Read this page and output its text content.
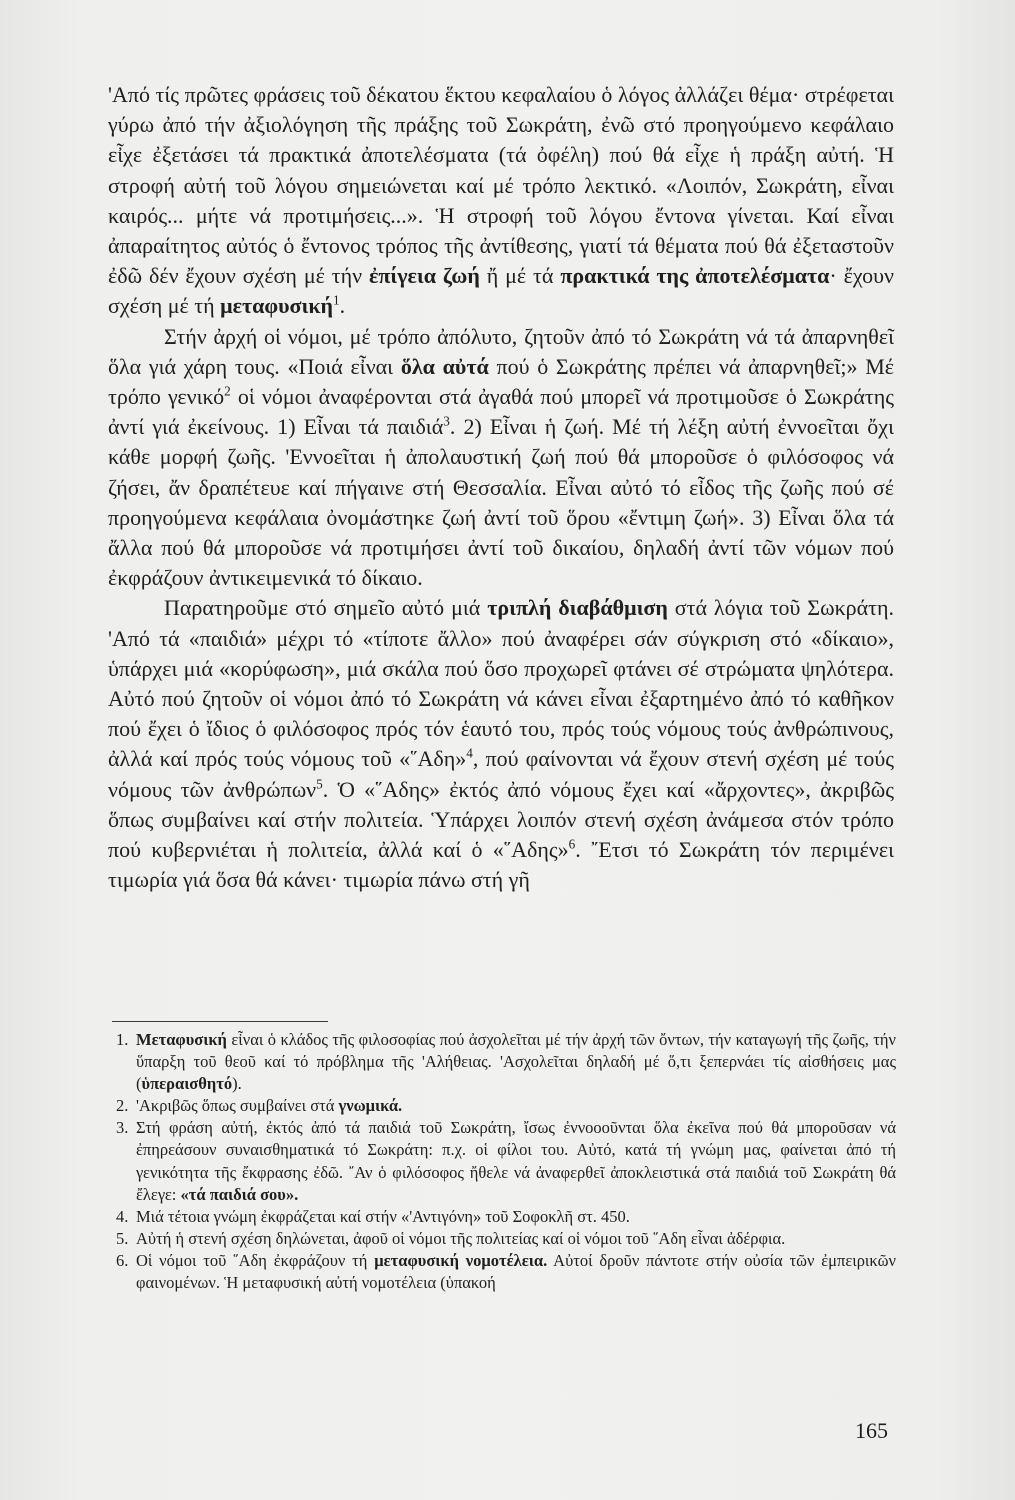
'Από τίς πρῶτες φράσεις τοῦ δέκατου ἕκτου κεφαλαίου ὁ λόγος ἀλλάζει θέμα· στρέφεται γύρω ἀπό τήν ἀξιολόγηση τῆς πράξης τοῦ Σωκράτη, ἐνῶ στό προηγούμενο κεφάλαιο εἶχε ἐξετάσει τά πρακτικά ἀποτελέσματα (τά ὀφέλη) πού θά εἶχε ἡ πράξη αὐτή. Ἡ στροφή αὐτή τοῦ λόγου σημειώνεται καί μέ τρόπο λεκτικό. «Λοιπόν, Σωκράτη, εἶναι καιρός... μήτε νά προτιμήσεις...». Ἡ στροφή τοῦ λόγου ἔντονα γίνεται. Καί εἶναι ἀπαραίτητος αὐτός ὁ ἔντονος τρόπος τῆς ἀντίθεσης, γιατί τά θέματα πού θά ἐξεταστοῦν ἐδῶ δέν ἔχουν σχέση μέ τήν ἐπίγεια ζωή ἤ μέ τά πρακτικά της ἀποτελέσματα· ἔχουν σχέση μέ τή μεταφυσική$^1$.

Στήν ἀρχή οἱ νόμοι, μέ τρόπο ἀπόλυτο, ζητοῦν ἀπό τό Σωκράτη νά τά ἀπαρνηθεῖ ὅλα γιά χάρη τους. «Ποιά εἶναι ὅλα αὐτά πού ὁ Σωκράτης πρέπει νά ἀπαρνηθεῖ;» Μέ τρόπο γενικό$^2$ οἱ νόμοι ἀναφέρονται στά ἀγαθά πού μπορεῖ νά προτιμοῦσε ὁ Σωκράτης ἀντί γιά ἐκείνους. 1) Εἶναι τά παιδιά$^3$. 2) Εἶναι ἡ ζωή. Μέ τή λέξη αὐτή ἐννοεῖται ὄχι κάθε μορφή ζωῆς. 'Εννοεῖται ἡ ἀπολαυστική ζωή πού θά μποροῦσε ὁ φιλόσοφος νά ζήσει, ἄν δραπέτευε καί πήγαινε στή Θεσσαλία. Εἶναι αὐτό τό εἶδος τῆς ζωῆς πού σέ προηγούμενα κεφάλαια ὀνομάστηκε ζωή ἀντί τοῦ ὅρου «ἔντιμη ζωή». 3) Εἶναι ὅλα τά ἄλλα πού θά μποροῦσε νά προτιμήσει ἀντί τοῦ δικαίου, δηλαδή ἀντί τῶν νόμων πού ἐκφράζουν ἀντικειμενικά τό δίκαιο.

Παρατηροῦμε στό σημεῖο αὐτό μιά τριπλή διαβάθμιση στά λόγια τοῦ Σωκράτη. 'Από τά «παιδιά» μέχρι τό «τίποτε ἄλλο» πού ἀναφέρει σάν σύγκριση στό «δίκαιο», ὑπάρχει μιά «κορύφωση», μιά σκάλα πού ὅσο προχωρεῖ φτάνει σέ στρώματα ψηλότερα. Αὐτό πού ζητοῦν οἱ νόμοι ἀπό τό Σωκράτη νά κάνει εἶναι ἐξαρτημένο ἀπό τό καθῆκον πού ἔχει ὁ ἴδιος ὁ φιλόσοφος πρός τόν ἑαυτό του, πρός τούς νόμους τούς ἀνθρώπινους, ἀλλά καί πρός τούς νόμους τοῦ «῞Αδη»$^4$, πού φαίνονται νά ἔχουν στενή σχέση μέ τούς νόμους τῶν ἀνθρώπων$^5$. Ὁ «῞Αδης» ἐκτός ἀπό νόμους ἔχει καί «ἄρχοντες», ἀκριβῶς ὅπως συμβαίνει καί στήν πολιτεία. Ὑπάρχει λοιπόν στενή σχέση ἀνάμεσα στόν τρόπο πού κυβερνιέται ἡ πολιτεία, ἀλλά καί ὁ «῞Αδης»$^6$. ῎Ετσι τό Σωκράτη τόν περιμένει τιμωρία γιά ὅσα θά κάνει· τιμωρία πάνω στή γῆ

1. Μεταφυσική εἶναι ὁ κλάδος τῆς φιλοσοφίας πού ἀσχολεῖται μέ τήν ἀρχή τῶν ὄντων, τήν καταγωγή τῆς ζωῆς, τήν ὕπαρξη τοῦ θεοῦ καί τό πρόβλημα τῆς 'Αλήθειας. 'Ασχολεῖται δηλαδή μέ ὅ,τι ξεπερνάει τίς αἰσθήσεις μας (ὑπεραισθητό).
2. 'Ακριβῶς ὅπως συμβαίνει στά γνωμικά.
3. Στή φράση αὐτή, ἐκτός ἀπό τά παιδιά τοῦ Σωκράτη, ἴσως ἐννοοοῦνται ὅλα ἐκεῖνα πού θά μποροῦσαν νά ἐπηρεάσουν συναισθηματικά τό Σωκράτη: π.χ. οἱ φίλοι του. Αὐτό, κατά τή γνώμη μας, φαίνεται ἀπό τή γενικότητα τῆς ἔκφρασης ἐδῶ. ῎Αν ὁ φιλόσοφος ἤθελε νά ἀναφερθεῖ ἀποκλειστικά στά παιδιά τοῦ Σωκράτη θά ἔλεγε: «τά παιδιά σου».
4. Μιά τέτοια γνώμη ἐκφράζεται καί στήν «'Αντιγόνη» τοῦ Σοφοκλῆ στ. 450.
5. Αὐτή ἡ στενή σχέση δηλώνεται, ἀφοῦ οἱ νόμοι τῆς πολιτείας καί οἱ νόμοι τοῦ ῞Αδη εἶναι ἀδέρφια.
6. Οἱ νόμοι τοῦ ῞Αδη ἐκφράζουν τή μεταφυσική νομοτέλεια. Αὐτοί δροῦν πάντοτε στήν οὐσία τῶν ἐμπειρικῶν φαινομένων. Ἡ μεταφυσική αὐτή νομοτέλεια (ὑπακοή
165
